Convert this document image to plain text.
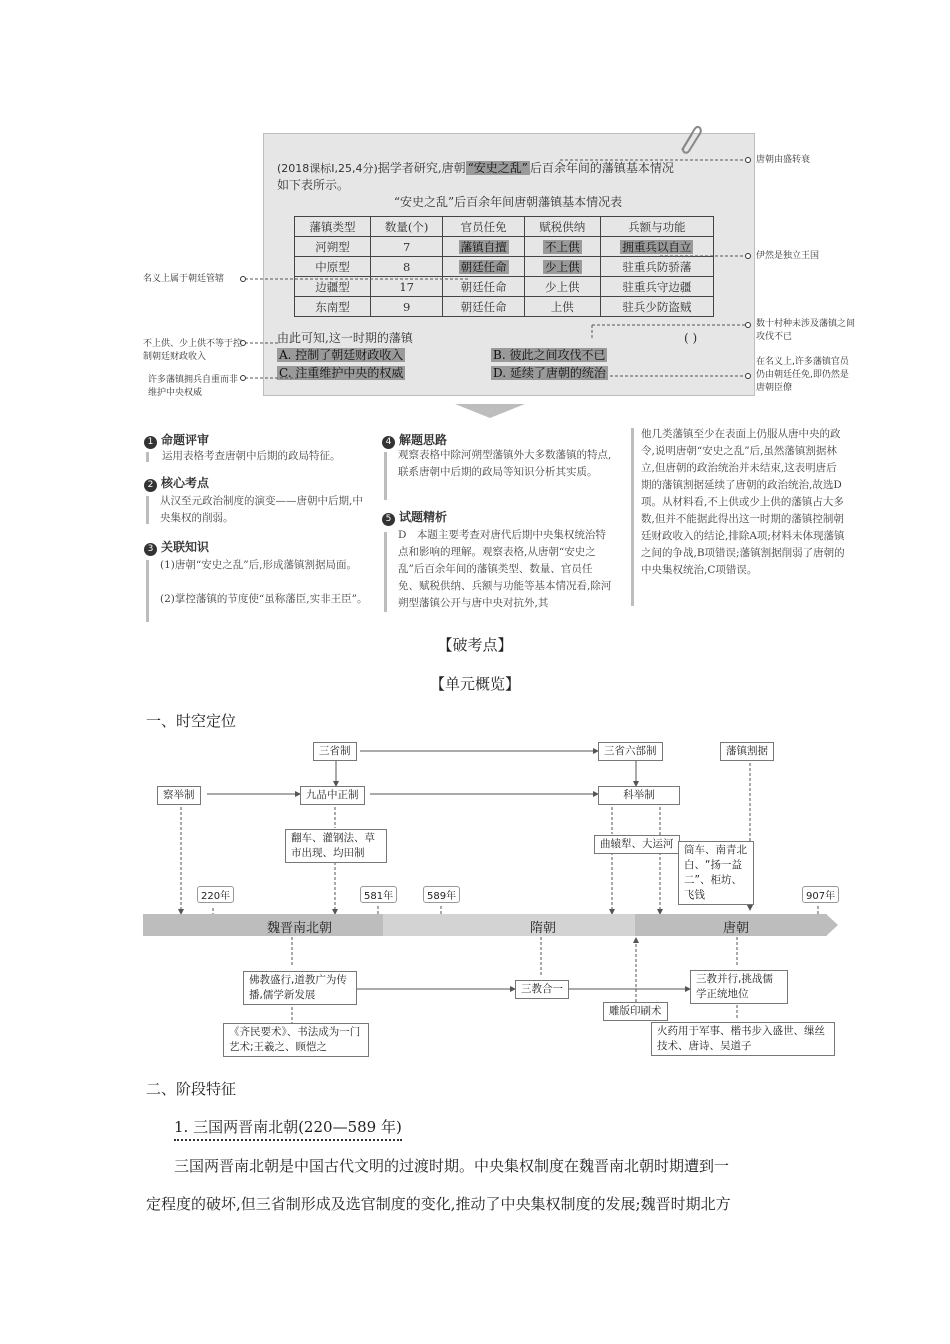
(2018课标Ⅰ,25,4分)据学者研究,唐朝 “安史之乱” 后百余年间的藩镇基本情况
如下表所示。
“安史之乱”后百余年间唐朝藩镇基本情况表
藩镇类型	数量(个)	官员任免	赋税供纳	兵额与功能
河朔型	7	藩镇自擅	不上供	拥重兵以自立
中原型	8	朝廷任命	少上供	驻重兵防骄藩
边疆型	17	朝廷任命	少上供	驻重兵守边疆
东南型	9	朝廷任命	上供	驻兵少防盗贼
由此可知,这一时期的藩镇	( )
A. 控制了朝廷财政收入	B. 彼此之间攻伐不已
C. 注重维护中央的权威	D. 延续了唐朝的统治
唐朝由盛转衰
伊然是独立王国
数十村种未涉及藩镇之间攻伐不已
在名义上,许多藩镇官员仍由朝廷任免,即仍然是唐朝臣僚
名义上属于朝廷管辖
不上供、少上供不等于控制朝廷财政收入
许多藩镇拥兵自重而非维护中央权威
1 命题评审
运用表格考查唐朝中后期的政局特征。
2 核心考点
从汉至元政治制度的演变——唐朝中后期,中央集权的削弱。
3 关联知识
(1)唐朝“安史之乱”后,形成藩镇割据局面。
(2)掌控藩镇的节度使“虽称藩臣,实非王臣”。
4 解题思路
观察表格中除河朔型藩镇外大多数藩镇的特点,联系唐朝中后期的政局等知识分析其实质。
5 试题精析
D　本题主要考查对唐代后期中央集权统治特点和影响的理解。观察表格,从唐朝“安史之乱”后百余年间的藩镇类型、数量、官员任免、赋税供纳、兵额与功能等基本情况看,除河朔型藩镇公开与唐中央对抗外,其
他几类藩镇至少在表面上仍服从唐中央的政令,说明唐朝“安史之乱”后,虽然藩镇割据林立,但唐朝的政治统治并未结束,这表明唐后期的藩镇割据延续了唐朝的政治统治,故选D项。从材料看,不上供或少上供的藩镇占大多数,但并不能据此得出这一时期的藩镇控制朝廷财政收入的结论,排除A项;材料未体现藩镇之间的争战,B项错误;藩镇割据削弱了唐朝的中央集权统治,C项错误。
【破考点】
【单元概览】
一、时空定位
魏晋南北朝	隋朝	唐朝
220年	581年	589年	907年
三省制	三省六部制	藩镇割据
察举制	九品中正制	科举制
翻车、灌钢法、草市出现、均田制
曲辕犁、大运河	筒车、南青北白、“扬一益二”、柜坊、飞钱
佛教盛行,道教广为传播,儒学新发展	三教合一
三教并行,挑战儒学正统地位
雕版印刷术
《齐民要术》、书法成为一门艺术;王羲之、顾恺之
火药用于军事、楷书步入盛世、缫丝技术、唐诗、吴道子
二、阶段特征
1. 三国两晋南北朝(220—589 年)
三国两晋南北朝是中国古代文明的过渡时期。中央集权制度在魏晋南北朝时期遭到一
定程度的破坏,但三省制形成及选官制度的变化,推动了中央集权制度的发展;魏晋时期北方
